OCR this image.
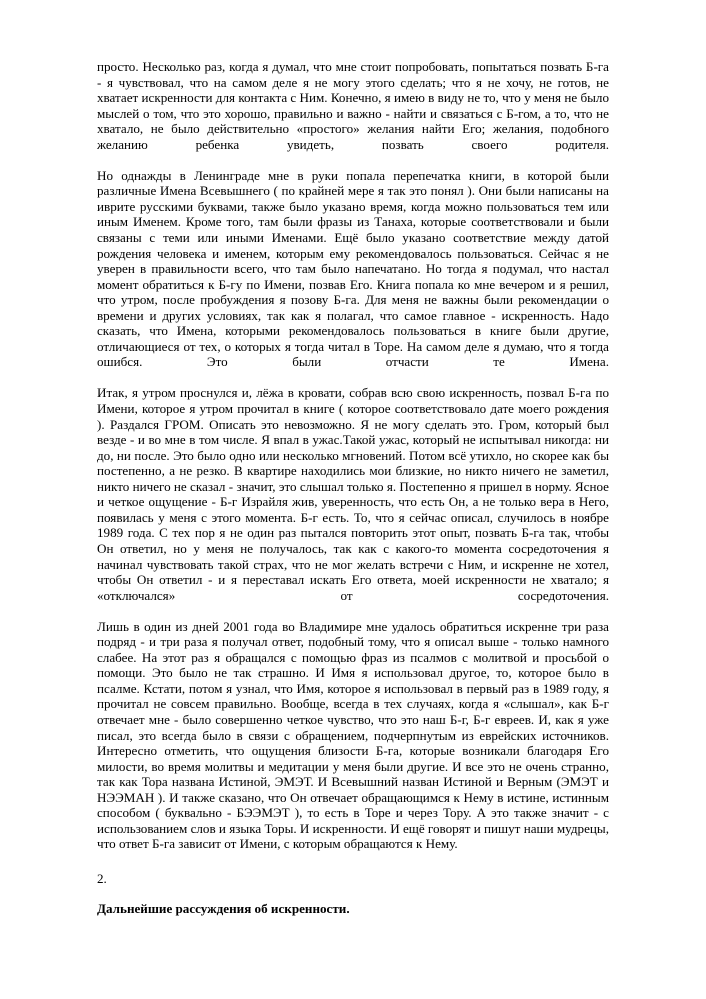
просто. Несколько раз, когда я думал, что мне стоит попробовать, попытаться позвать Б-га - я чувствовал, что на самом деле я не могу этого сделать; что я не хочу, не готов, не хватает искренности для контакта с Ним. Конечно, я имею в виду не то, что у меня не было мыслей о том, что это хорошо, правильно и важно - найти и связаться с Б-гом, а то, что не хватало, не было действительно «простого» желания найти Его; желания, подобного желанию ребенка увидеть, позвать своего родителя.

Но однажды в Ленинграде мне в руки попала перепечатка книги, в которой были различные Имена Всевышнего ( по крайней мере я так это понял ). Они были написаны на иврите русскими буквами, также было указано время, когда можно пользоваться тем или иным Именем. Кроме того, там были фразы из Танаха, которые соответствовали и были связаны с теми или иными Именами. Ещё было указано соответствие между датой рождения человека и именем, которым ему рекомендовалось пользоваться. Сейчас я не уверен в правильности всего, что там было напечатано. Но тогда я подумал, что настал момент обратиться к Б-гу по Имени, позвав Его. Книга попала ко мне вечером и я решил, что утром, после пробуждения я позову Б-га. Для меня не важны были рекомендации о времени и других условиях, так как я полагал, что самое главное - искренность. Надо сказать, что Имена, которыми рекомендовалось пользоваться в книге были другие, отличающиеся от тех, о которых я тогда читал в Торе. На самом деле я думаю, что я тогда ошибся. Это были отчасти те Имена.

Итак, я утром проснулся и, лёжа в кровати, собрав всю свою искренность, позвал Б-га по Имени, которое я утром прочитал в книге ( которое соответствовало дате моего рождения ). Раздался ГРОМ. Описать это невозможно. Я не могу сделать это. Гром, который был везде - и во мне в том числе. Я впал в ужас.Такой ужас, который не испытывал никогда: ни до, ни после. Это было одно или несколько мгновений. Потом всё утихло, но скорее как бы постепенно, а не резко. В квартире находились мои близкие, но никто ничего не заметил, никто ничего не сказал - значит, это слышал только я. Постепенно я пришел в норму. Ясное и четкое ощущение - Б-г Израйля жив, уверенность, что есть Он, а не только вера в Него, появилась у меня с этого момента. Б-г есть. То, что я сейчас описал, случилось в ноябре 1989 года. С тех пор я не один раз пытался повторить этот опыт, позвать Б-га так, чтобы Он ответил, но у меня не получалось, так как с какого-то момента сосредоточения я начинал чувствовать такой страх, что не мог желать встречи с Ним, и искренне не хотел, чтобы Он ответил - и я переставал искать Его ответа, моей искренности не хватало; я «отключался» от сосредоточения.

Лишь в один из дней 2001 года во Владимире мне удалось обратиться искренне три раза подряд - и три раза я получал ответ, подобный тому, что я описал выше - только намного слабее. На этот раз я обращался с помощью фраз из псалмов с молитвой и просьбой о помощи. Это было не так страшно. И Имя я использовал другое, то, которое было в псалме. Кстати, потом я узнал, что Имя, которое я использовал в первый раз в 1989 году, я прочитал не совсем правильно. Вообще, всегда в тех случаях, когда я «слышал», как Б-г отвечает мне - было совершенно четкое чувство, что это наш Б-г, Б-г евреев. И, как я уже писал, это всегда было в связи с обращением, подчерпнутым из еврейских источников. Интересно отметить, что ощущения близости Б-га, которые возникали благодаря Его милости, во время молитвы и медитации у меня были другие. И все это не очень странно, так как Тора названа Истиной, ЭМЭТ. И Всевышний назван Истиной и Верным (ЭМЭТ и НЭЭМАН ). И также сказано, что Он отвечает обращающимся к Нему в истине, истинным способом ( буквально - БЭЭМЭТ ), то есть в Торе и через Тору. А это также значит - с использованием слов и языка Торы. И искренности. И ещё говорят и пишут наши мудрецы, что ответ Б-га зависит от Имени, с которым обращаются к Нему.

2.

Дальнейшие рассуждения об искренности.
